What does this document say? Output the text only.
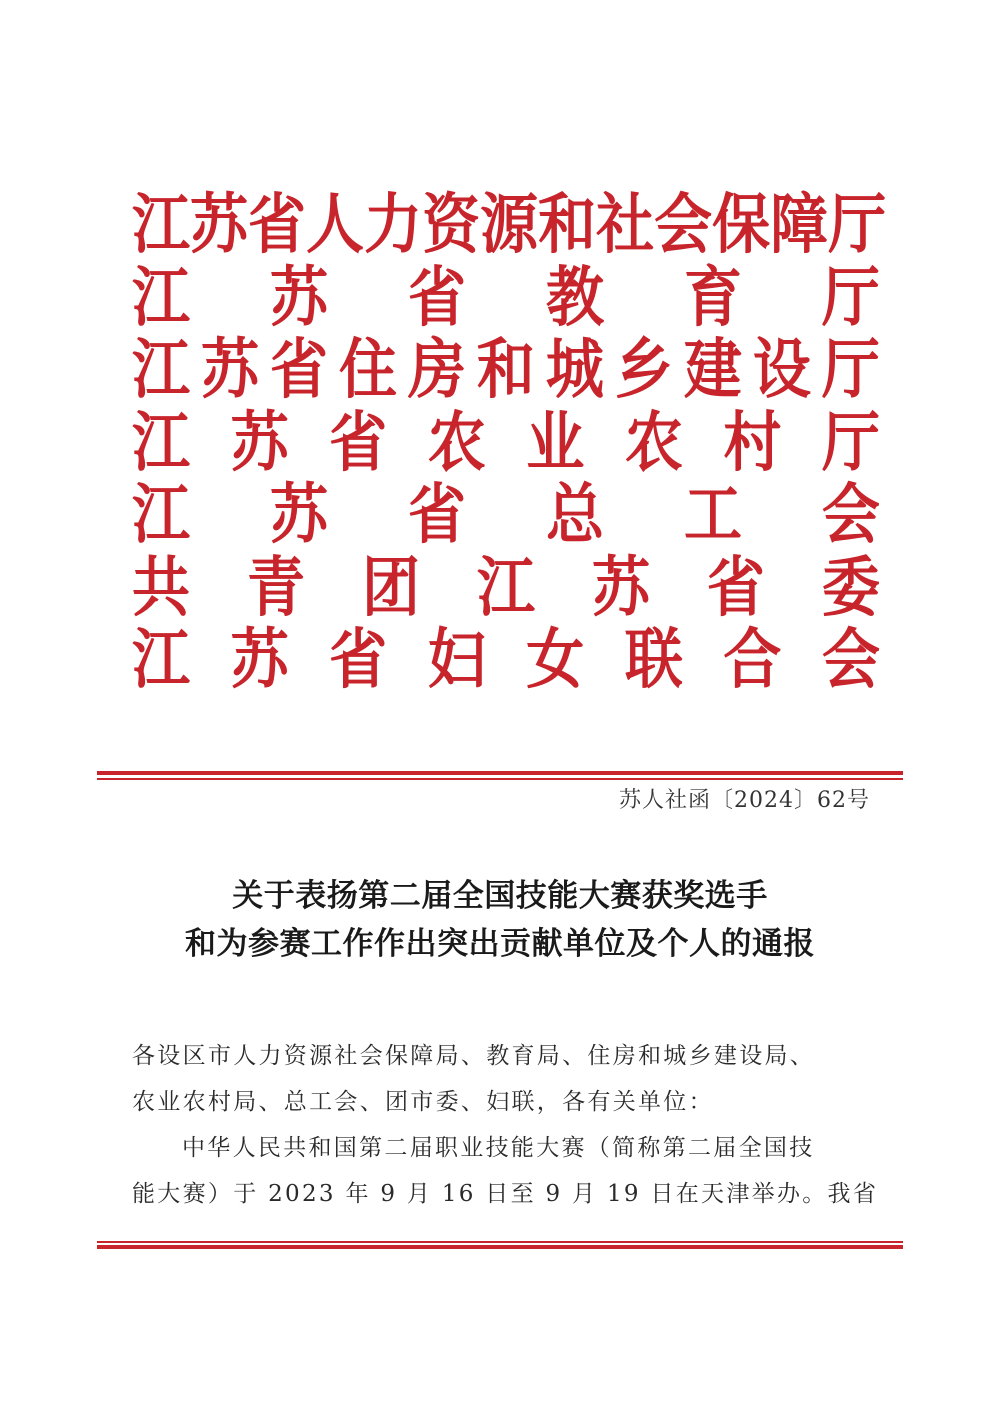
江 苏 省 人 力 资 源 和 社 会 保 障 厅
江 苏 省 教 育 厅
江 苏 省 住 房 和 城 乡 建 设 厅
江 苏 省 农 业 农 村 厅
江 苏 省 总 工 会
共 青 团 江 苏 省 委
江 苏 省 妇 女 联 合 会
苏人社函〔2024〕62号
关于表扬第二届全国技能大赛获奖选手
和为参赛工作作出突出贡献单位及个人的通报
各设区市人力资源社会保障局、教育局、住房和城乡建设局、
农业农村局、总工会、团市委、妇联，各有关单位：
中华人民共和国第二届职业技能大赛（简称第二届全国技
能大赛）于 2023 年 9 月 16 日至 9 月 19 日在天津举办。我省
